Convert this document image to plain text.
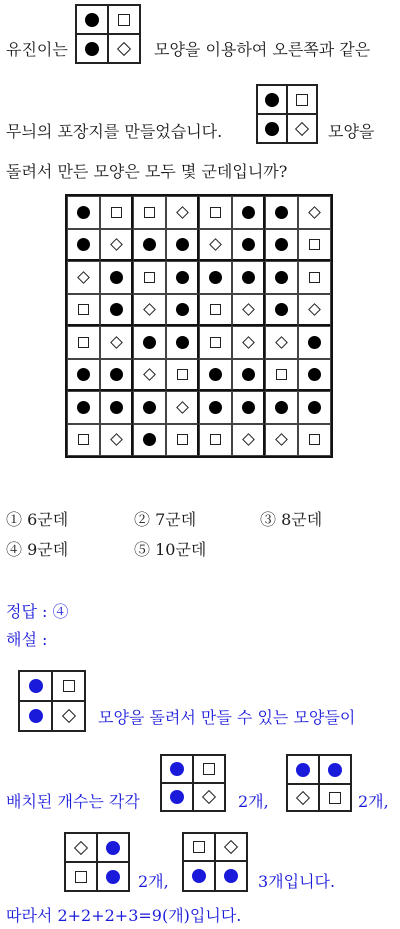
유진이는	모양을 이용하여 오른쪽과 같은
무늬의 포장지를 만들었습니다.	모양을
돌려서 만든 모양은 모두 몇 군데입니까?
① 6군데	② 7군데	③ 8군데
④ 9군데	⑤ 10군데
정답 : ④
해설 :
모양을 돌려서 만들 수 있는 모양들이
배치된 개수는 각각	2개,	2개,
2개,	3개입니다.
따라서 2+2+2+3=9(개)입니다.
